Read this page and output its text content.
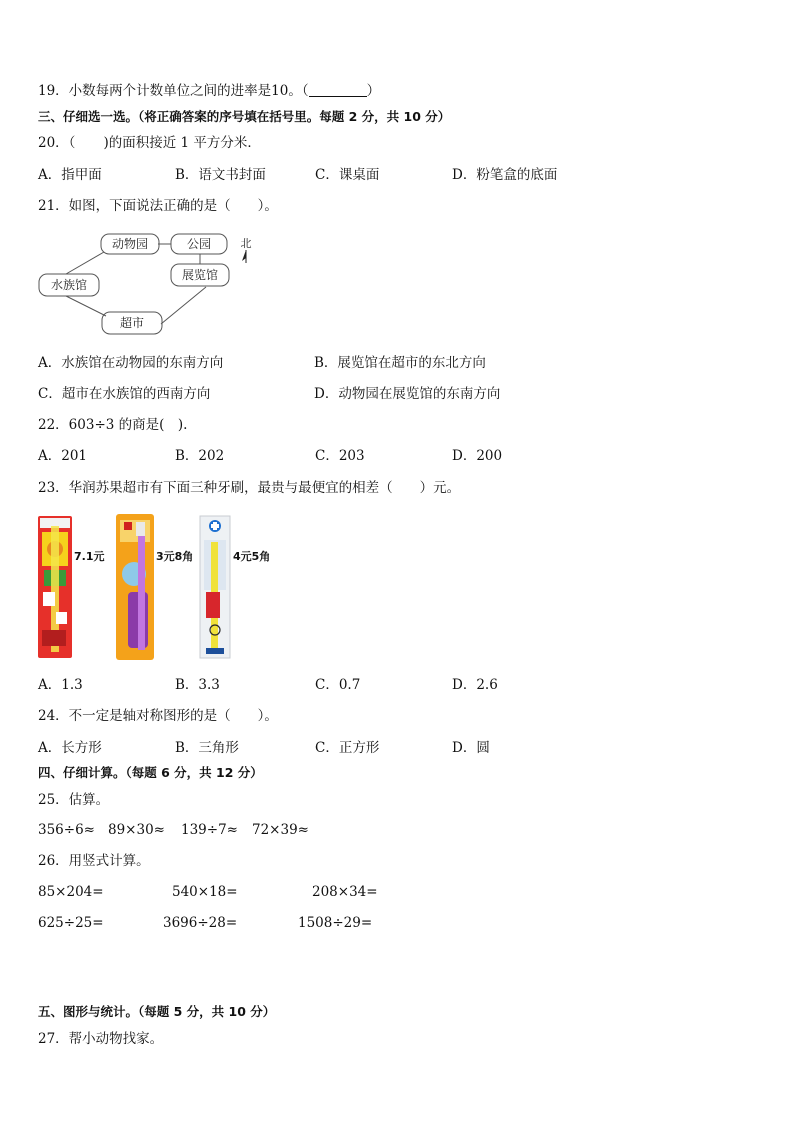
19．小数每两个计数单位之间的进率是10。（	）
三、仔细选一选。（将正确答案的序号填在括号里。每题 2 分，共 10 分）
20．（ )的面积接近 1 平方分米．
A．指甲面	B．语文书封面	C．课桌面	D．粉笔盒的底面
21．如图，下面说法正确的是（　　）。
动物园	公园
展览馆
水族馆
超市
北
A．水族馆在动物园的东南方向	B．展览馆在超市的东北方向
C．超市在水族馆的西南方向	D．动物园在展览馆的东南方向
22．603÷3 的商是(　).
A．201	B．202	C．203	D．200
23．华润苏果超市有下面三种牙刷，最贵与最便宜的相差（　　）元。
7.1元	3元8角	4元5角
A．1.3	B．3.3	C．0.7	D．2.6
24．不一定是轴对称图形的是（　　）。
A．长方形	B．三角形	C．正方形	D．圆
四、仔细计算。（每题 6 分，共 12 分）
25．估算。
356÷6≈ 89×30≈ 139÷7≈ 72×39≈
26．用竖式计算。
85×204=	540×18=	208×34=
625÷25=	3696÷28=	1508÷29=
五、图形与统计。（每题 5 分，共 10 分）
27．帮小动物找家。
